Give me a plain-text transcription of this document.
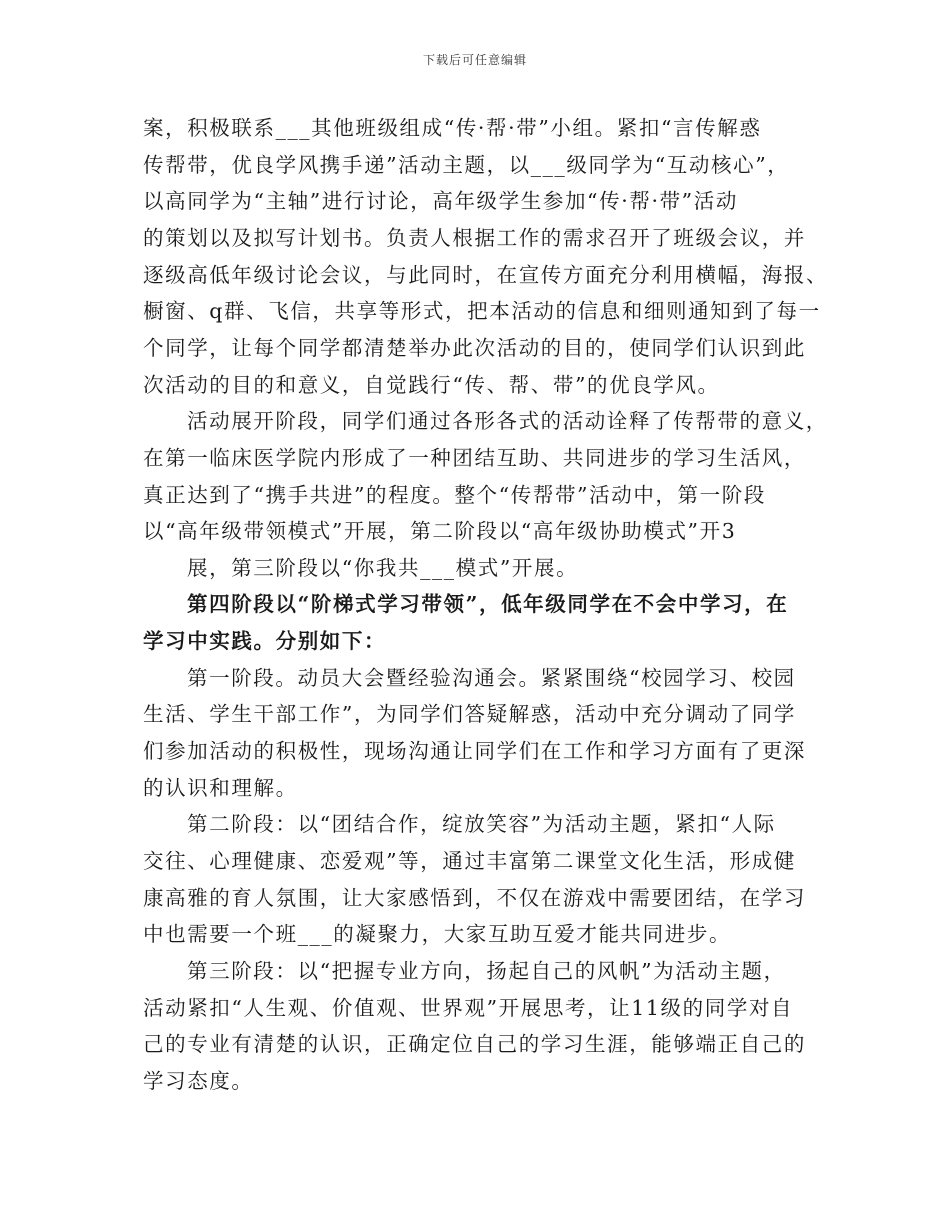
下载后可任意编辑
案，积极联系___其他班级组成“传·帮·带”小组。紧扣“言传解惑
传帮带，优良学风携手递”活动主题，以___级同学为“互动核心”，
以高同学为“主轴”进行讨论，高年级学生参加“传·帮·带”活动
的策划以及拟写计划书。负责人根据工作的需求召开了班级会议，并
逐级高低年级讨论会议，与此同时，在宣传方面充分利用横幅，海报、
橱窗、q群、飞信，共享等形式，把本活动的信息和细则通知到了每一
个同学，让每个同学都清楚举办此次活动的目的，使同学们认识到此
次活动的目的和意义，自觉践行“传、帮、带”的优良学风。
活动展开阶段，同学们通过各形各式的活动诠释了传帮带的意义，
在第一临床医学院内形成了一种团结互助、共同进步的学习生活风，
真正达到了“携手共进”的程度。整个“传帮带”活动中，第一阶段
以“高年级带领模式”开展，第二阶段以“高年级协助模式”开3
展，第三阶段以“你我共___模式”开展。
第四阶段以“阶梯式学习带领”，低年级同学在不会中学习，在
学习中实践。分别如下：
第一阶段。动员大会暨经验沟通会。紧紧围绕“校园学习、校园
生活、学生干部工作”，为同学们答疑解惑，活动中充分调动了同学
们参加活动的积极性，现场沟通让同学们在工作和学习方面有了更深
的认识和理解。
第二阶段：以“团结合作，绽放笑容”为活动主题，紧扣“人际
交往、心理健康、恋爱观”等，通过丰富第二课堂文化生活，形成健
康高雅的育人氛围，让大家感悟到，不仅在游戏中需要团结，在学习
中也需要一个班___的凝聚力，大家互助互爱才能共同进步。
第三阶段：以“把握专业方向，扬起自己的风帆”为活动主题，
活动紧扣“人生观、价值观、世界观”开展思考，让11级的同学对自
己的专业有清楚的认识，正确定位自己的学习生涯，能够端正自己的
学习态度。
